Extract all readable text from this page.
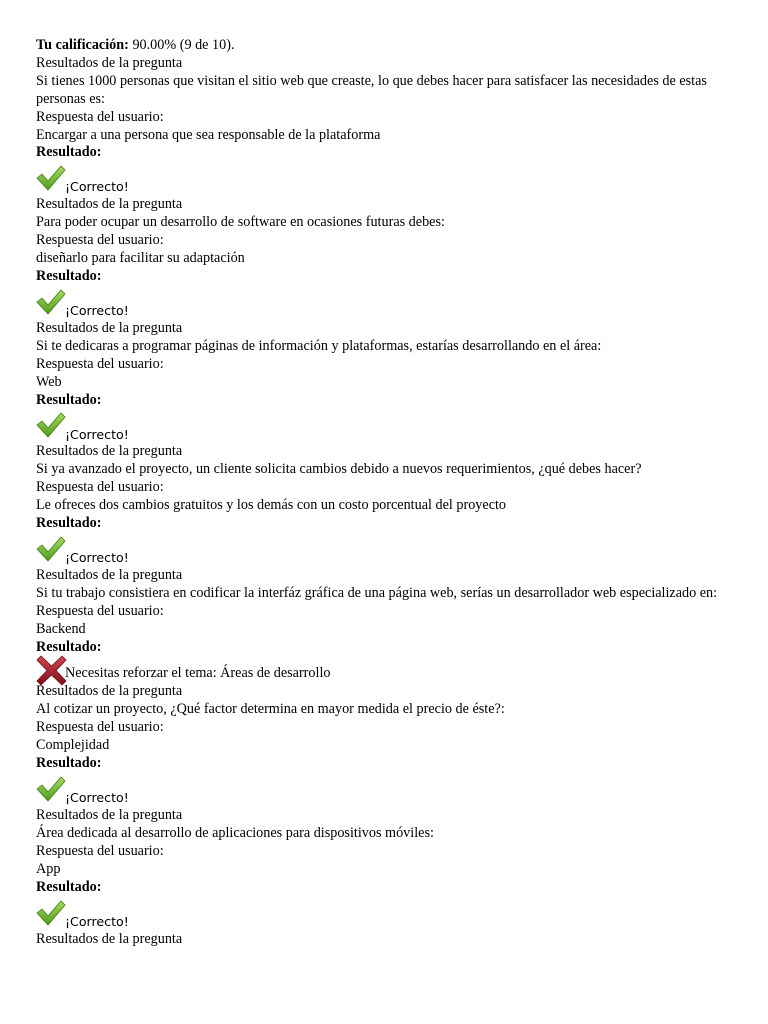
Tu calificación: 90.00% (9 de 10).
Resultados de la pregunta
Si tienes 1000 personas que visitan el sitio web que creaste, lo que debes hacer para satisfacer las necesidades de estas personas es:
Respuesta del usuario:
Encargar a una persona que sea responsable de la plataforma
Resultado:
¡Correcto!
Resultados de la pregunta
Para poder ocupar un desarrollo de software en ocasiones futuras debes:
Respuesta del usuario:
diseñarlo para facilitar su adaptación
Resultado:
¡Correcto!
Resultados de la pregunta
Si te dedicaras a programar páginas de información y plataformas, estarías desarrollando en el área:
Respuesta del usuario:
Web
Resultado:
¡Correcto!
Resultados de la pregunta
Si ya avanzado el proyecto, un cliente solicita cambios debido a nuevos requerimientos, ¿qué debes hacer?
Respuesta del usuario:
Le ofreces dos cambios gratuitos y los demás con un costo porcentual del proyecto
Resultado:
¡Correcto!
Resultados de la pregunta
Si tu trabajo consistiera en codificar la interfáz gráfica de una página web, serías un desarrollador web especializado en:
Respuesta del usuario:
Backend
Resultado:
Necesitas reforzar el tema: Áreas de desarrollo
Resultados de la pregunta
Al cotizar un proyecto, ¿Qué factor determina en mayor medida el precio de éste?:
Respuesta del usuario:
Complejidad
Resultado:
¡Correcto!
Resultados de la pregunta
Área dedicada al desarrollo de aplicaciones para dispositivos móviles:
Respuesta del usuario:
App
Resultado:
¡Correcto!
Resultados de la pregunta
